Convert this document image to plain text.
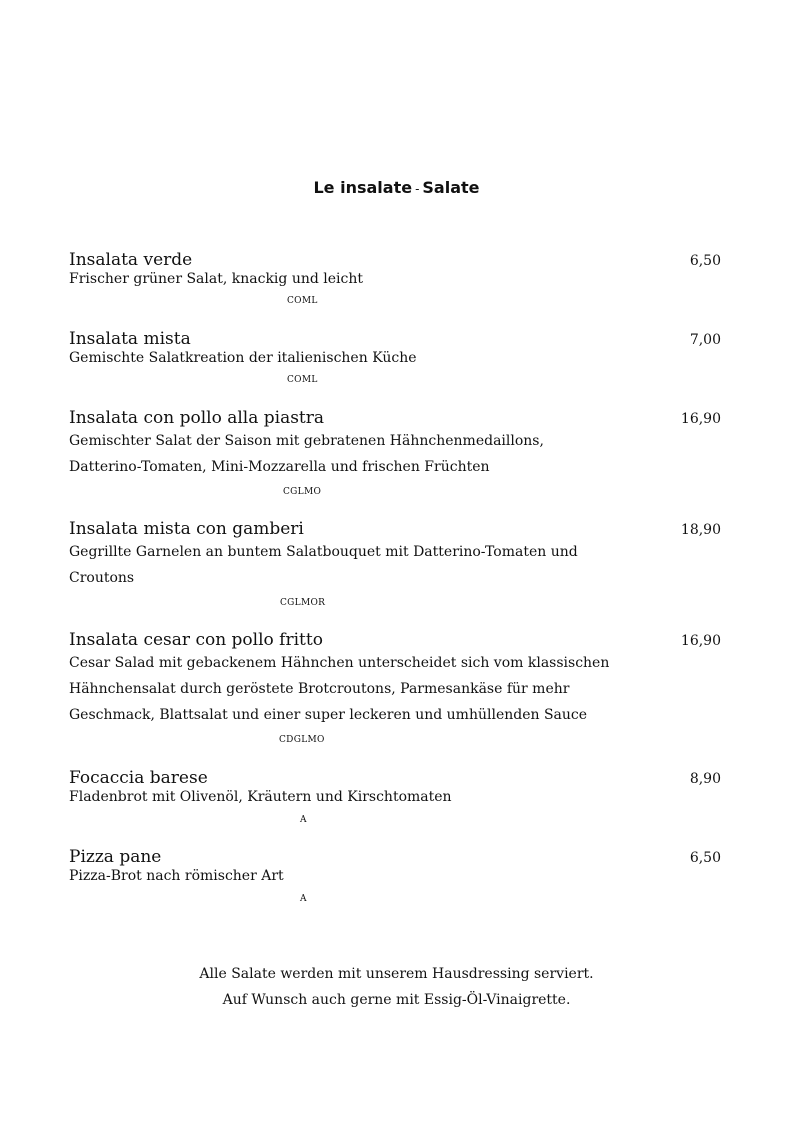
Le insalate - Salate
Insalata verde	6,50
Frischer grüner Salat, knackig und leicht
COML
Insalata mista	7,00
Gemischte Salatkreation der italienischen Küche
COML
Insalata con pollo alla piastra	16,90
Gemischter Salat der Saison mit gebratenen Hähnchenmedaillons, Datterino-Tomaten, Mini-Mozzarella und frischen Früchten
CGLMO
Insalata mista con gamberi	18,90
Gegrillte Garnelen an buntem Salatbouquet mit Datterino-Tomaten und Croutons
CGLMOR
Insalata cesar con pollo fritto	16,90
Cesar Salad mit gebackenem Hähnchen unterscheidet sich vom klassischen Hähnchensalat durch geröstete Brotcroutons, Parmesankäse für mehr Geschmack, Blattsalat und einer super leckeren und umhüllenden Sauce
CDGLMO
Focaccia barese	8,90
Fladenbrot mit Olivenöl, Kräutern und Kirschtomaten
A
Pizza pane	6,50
Pizza-Brot nach römischer Art
A
Alle Salate werden mit unserem Hausdressing serviert.
Auf Wunsch auch gerne mit Essig-Öl-Vinaigrette.
